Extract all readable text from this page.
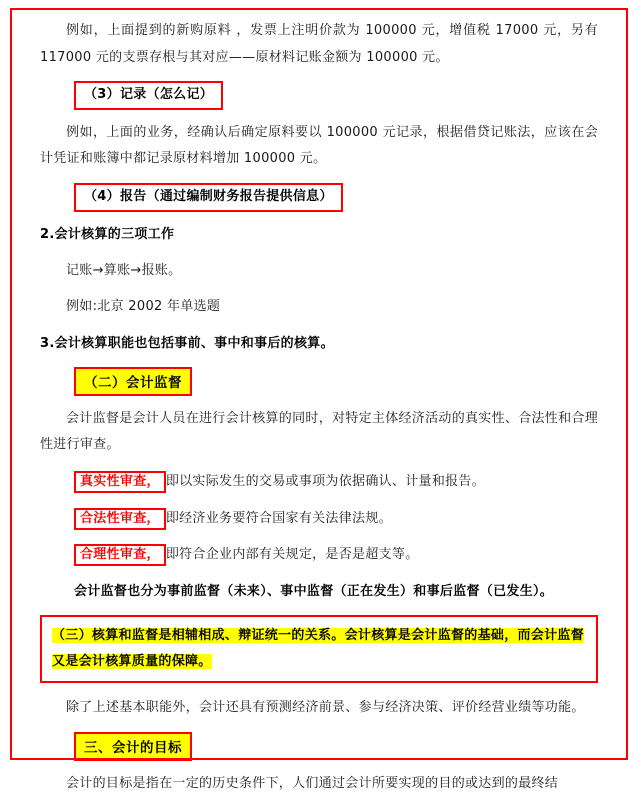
例如，上面提到的新购原料 ，发票上注明价款为 100000 元，增值税 17000 元，另有 117000 元的支票存根与其对应——原材料记账金额为 100000 元。

（3）记录（怎么记）

例如，上面的业务，经确认后确定原料要以 100000 元记录，根据借贷记账法，应该在会计凭证和账簿中都记录原材料增加 100000 元。

（4）报告（通过编制财务报告提供信息）

2.会计核算的三项工作

记账→算账→报账。

例如:北京 2002 年单选题

3.会计核算职能也包括事前、事中和事后的核算。

（二）会计监督

会计监督是会计人员在进行会计核算的同时，对特定主体经济活动的真实性、合法性和合理性进行审查。

真实性审查， 即以实际发生的交易或事项为依据确认、计量和报告。

合法性审查， 即经济业务要符合国家有关法律法规。

合理性审查， 即符合企业内部有关规定，是否是超支等。

会计监督也分为事前监督（未来）、事中监督（正在发生）和事后监督（已发生）。

（三）核算和监督是相辅相成、辩证统一的关系。会计核算是会计监督的基础，而会计监督又是会计核算质量的保障。

除了上述基本职能外，会计还具有预测经济前景、参与经济决策、评价经营业绩等功能。

三、会计的目标

会计的目标是指在一定的历史条件下，人们通过会计所要实现的目的或达到的最终结
